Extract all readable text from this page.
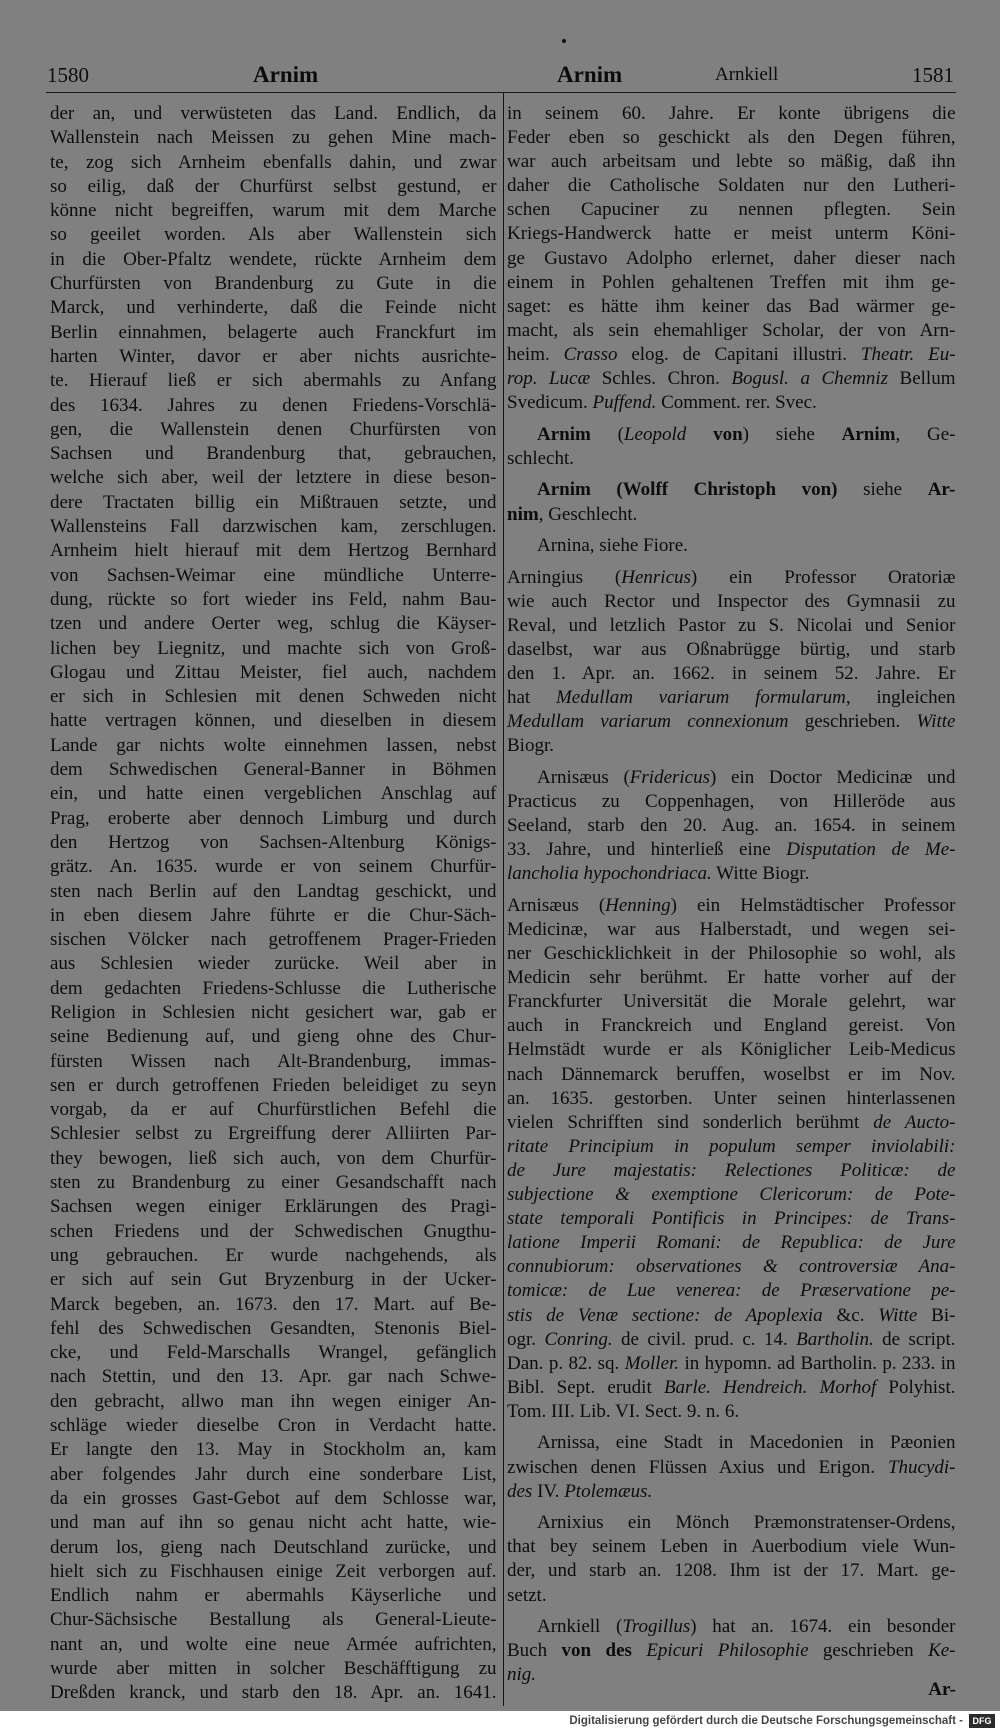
1580	Arnim	Arnim	Arnkiell	1581
der an, und verwüsteten das Land. Endlich, da
Wallenstein nach Meissen zu gehen Mine mach-
te, zog sich Arnheim ebenfalls dahin, und zwar
so eilig, daß der Churfürst selbst gestund, er
könne nicht begreiffen, warum mit dem Marche
so geeilet worden. Als aber Wallenstein sich
in die Ober-Pfaltz wendete, rückte Arnheim dem
Churfürsten von Brandenburg zu Gute in die
Marck, und verhinderte, daß die Feinde nicht
Berlin einnahmen, belagerte auch Franckfurt im
harten Winter, davor er aber nichts ausrichte-
te. Hierauf ließ er sich abermahls zu Anfang
des 1634. Jahres zu denen Friedens-Vorschlä-
gen, die Wallenstein denen Churfürsten von
Sachsen und Brandenburg that, gebrauchen,
welche sich aber, weil der letztere in diese beson-
dere Tractaten billig ein Mißtrauen setzte, und
Wallensteins Fall darzwischen kam, zerschlugen.
Arnheim hielt hierauf mit dem Hertzog Bernhard
von Sachsen-Weimar eine mündliche Unterre-
dung, rückte so fort wieder ins Feld, nahm Bau-
tzen und andere Oerter weg, schlug die Käyser-
lichen bey Liegnitz, und machte sich von Groß-
Glogau und Zittau Meister, fiel auch, nachdem
er sich in Schlesien mit denen Schweden nicht
hatte vertragen können, und dieselben in diesem
Lande gar nichts wolte einnehmen lassen, nebst
dem Schwedischen General-Banner in Böhmen
ein, und hatte einen vergeblichen Anschlag auf
Prag, eroberte aber dennoch Limburg und durch
den Hertzog von Sachsen-Altenburg Königs-
grätz. An. 1635. wurde er von seinem Churfür-
sten nach Berlin auf den Landtag geschickt, und
in eben diesem Jahre führte er die Chur-Säch-
sischen Völcker nach getroffenem Prager-Frieden
aus Schlesien wieder zurücke. Weil aber in
dem gedachten Friedens-Schlusse die Lutherische
Religion in Schlesien nicht gesichert war, gab er
seine Bedienung auf, und gieng ohne des Chur-
fürsten Wissen nach Alt-Brandenburg, immas-
sen er durch getroffenen Frieden beleidiget zu seyn
vorgab, da er auf Churfürstlichen Befehl die
Schlesier selbst zu Ergreiffung derer Alliirten Par-
they bewogen, ließ sich auch, von dem Churfür-
sten zu Brandenburg zu einer Gesandschafft nach
Sachsen wegen einiger Erklärungen des Pragi-
schen Friedens und der Schwedischen Gnugthu-
ung gebrauchen. Er wurde nachgehends, als
er sich auf sein Gut Bryzenburg in der Ucker-
Marck begeben, an. 1673. den 17. Mart. auf Be-
fehl des Schwedischen Gesandten, Stenonis Biel-
cke, und Feld-Marschalls Wrangel, gefänglich
nach Stettin, und den 13. Apr. gar nach Schwe-
den gebracht, allwo man ihn wegen einiger An-
schläge wieder dieselbe Cron in Verdacht hatte.
Er langte den 13. May in Stockholm an, kam
aber folgendes Jahr durch eine sonderbare List,
da ein grosses Gast-Gebot auf dem Schlosse war,
und man auf ihn so genau nicht acht hatte, wie-
derum los, gieng nach Deutschland zurücke, und
hielt sich zu Fischhausen einige Zeit verborgen auf.
Endlich nahm er abermahls Käyserliche und
Chur-Sächsische Bestallung als General-Lieute-
nant an, und wolte eine neue Armée aufrichten,
wurde aber mitten in solcher Beschäfftigung zu
Dreßden kranck, und starb den 18. Apr. an. 1641.
in seinem 60. Jahre. Er konte übrigens die
Feder eben so geschickt als den Degen führen,
war auch arbeitsam und lebte so mäßig, daß ihn
daher die Catholische Soldaten nur den Lutheri-
schen Capuciner zu nennen pflegten. Sein
Kriegs-Handwerck hatte er meist unterm Köni-
ge Gustavo Adolpho erlernet, daher dieser nach
einem in Pohlen gehaltenen Treffen mit ihm ge-
saget: es hätte ihm keiner das Bad wärmer ge-
macht, als sein ehemahliger Scholar, der von Arn-
heim. Crasso elog. de Capitani illustri. Theatr. Eu-
rop. Lucæ Schles. Chron. Bogusl. a Chemniz Bellum
Svedicum. Puffend. Comment. rer. Svec.
Arnim (Leopold von) siehe Arnim, Ge-
schlecht.
Arnim (Wolff Christoph von) siehe Ar-
nim, Geschlecht.
Arnina, siehe Fiore.
Arningius (Henricus) ein Professor Oratoriæ
wie auch Rector und Inspector des Gymnasii zu
Reval, und letzlich Pastor zu S. Nicolai und Senior
daselbst, war aus Oßnabrügge bürtig, und starb
den 1. Apr. an. 1662. in seinem 52. Jahre. Er
hat Medullam variarum formularum, ingleichen
Medullam variarum connexionum geschrieben. Witte
Biogr.
Arnisæus (Fridericus) ein Doctor Medicinæ und
Practicus zu Coppenhagen, von Hilleröde aus
Seeland, starb den 20. Aug. an. 1654. in seinem
33. Jahre, und hinterließ eine Disputation de Me-
lancholia hypochondriaca. Witte Biogr.
Arnisæus (Henning) ein Helmstädtischer Professor
Medicinæ, war aus Halberstadt, und wegen sei-
ner Geschicklichkeit in der Philosophie so wohl, als
Medicin sehr berühmt. Er hatte vorher auf der
Franckfurter Universität die Morale gelehrt, war
auch in Franckreich und England gereist. Von
Helmstädt wurde er als Königlicher Leib-Medicus
nach Dännemarck beruffen, woselbst er im Nov.
an. 1635. gestorben. Unter seinen hinterlassenen
vielen Schrifften sind sonderlich berühmt de Aucto-
ritate Principium in populum semper inviolabili:
de Jure majestatis: Relectiones Politicæ: de
subjectione & exemptione Clericorum: de Pote-
state temporali Pontificis in Principes: de Trans-
latione Imperii Romani: de Republica: de Jure
connubiorum: observationes & controversiæ Ana-
tomicæ: de Lue venerea: de Præservatione pe-
stis de Venæ sectione: de Apoplexia &c. Witte Bi-
ogr. Conring. de civil. prud. c. 14. Bartholin. de script.
Dan. p. 82. sq. Moller. in hypomn. ad Bartholin. p. 233. in
Bibl. Sept. erudit Barle. Hendreich. Morhof Polyhist.
Tom. III. Lib. VI. Sect. 9. n. 6.
Arnissa, eine Stadt in Macedonien in Pæonien
zwischen denen Flüssen Axius und Erigon. Thucydi-
des IV. Ptolemæus.
Arnixius ein Mönch Præmonstratenser-Ordens,
that bey seinem Leben in Auerbodium viele Wun-
der, und starb an. 1208. Ihm ist der 17. Mart. ge-
setzt.
Arnkiell (Trogillus) hat an. 1674. ein besonder
Buch von des Epicuri Philosophie geschrieben Ke-
nig.
Ar-
Digitalisierung gefördert durch die Deutsche Forschungsgemeinschaft -	DFG
